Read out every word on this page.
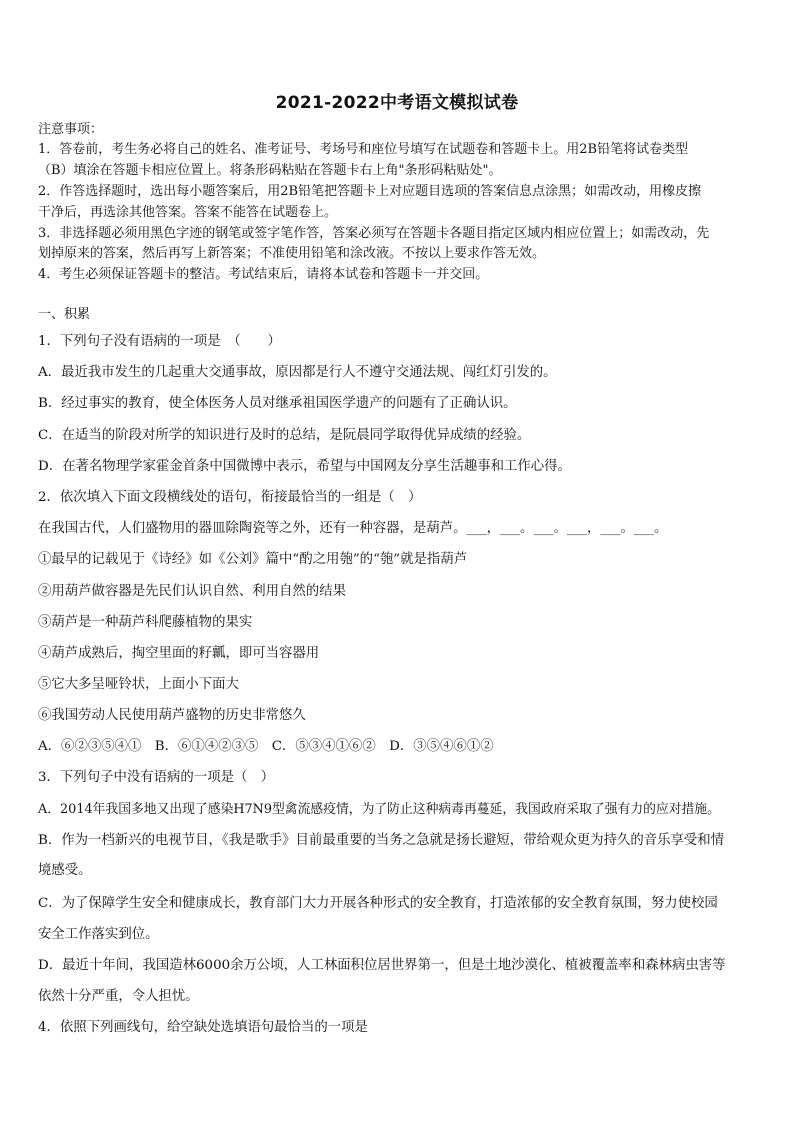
2021-2022中考语文模拟试卷
注意事项：
1．答卷前，考生务必将自己的姓名、准考证号、考场号和座位号填写在试题卷和答题卡上。用2B铅笔将试卷类型
（B）填涂在答题卡相应位置上。将条形码粘贴在答题卡右上角"条形码粘贴处"。
2．作答选择题时，选出每小题答案后，用2B铅笔把答题卡上对应题目选项的答案信息点涂黑；如需改动，用橡皮擦
干净后，再选涂其他答案。答案不能答在试题卷上。
3．非选择题必须用黑色字迹的钢笔或签字笔作答，答案必须写在答题卡各题目指定区域内相应位置上；如需改动，先
划掉原来的答案，然后再写上新答案；不准使用铅笔和涂改液。不按以上要求作答无效。
4．考生必须保证答题卡的整洁。考试结束后，请将本试卷和答题卡一并交回。
一、积累
1．下列句子没有语病的一项是　（　　）
A．最近我市发生的几起重大交通事故，原因都是行人不遵守交通法规、闯红灯引发的。
B．经过事实的教育，使全体医务人员对继承祖国医学遗产的问题有了正确认识。
C．在适当的阶段对所学的知识进行及时的总结，是阮晨同学取得优异成绩的经验。
D．在著名物理学家霍金首条中国微博中表示，希望与中国网友分享生活趣事和工作心得。
2．依次填入下面文段横线处的语句，衔接最恰当的一组是（　）
在我国古代，人们盛物用的器皿除陶瓷等之外，还有一种容器，是葫芦。___，___。___。___，___。___。
①最早的记载见于《诗经》如《公刘》篇中“酌之用匏”的“匏”就是指葫芦
②用葫芦做容器是先民们认识自然、利用自然的结果
③葫芦是一种葫芦科爬藤植物的果实
④葫芦成熟后，掏空里面的籽瓤，即可当容器用
⑤它大多呈哑铃状，上面小下面大
⑥我国劳动人民使用葫芦盛物的历史非常悠久
A．⑥②③⑤④①　B．⑥①④②③⑤　C．⑤③④①⑥②　D．③⑤④⑥①②
3．下列句子中没有语病的一项是（　）
A．2014年我国多地又出现了感染H7N9型禽流感疫情，为了防止这种病毒再蔓延，我国政府采取了强有力的应对措施。
B．作为一档新兴的电视节目，《我是歌手》目前最重要的当务之急就是扬长避短，带给观众更为持久的音乐享受和情
境感受。
C．为了保障学生安全和健康成长，教育部门大力开展各种形式的安全教育，打造浓郁的安全教育氛围，努力使校园
安全工作落实到位。
D．最近十年间，我国造林6000余万公顷，人工林面积位居世界第一，但是土地沙漠化、植被覆盖率和森林病虫害等
依然十分严重，令人担忧。
4．依照下列画线句，给空缺处选填语句最恰当的一项是
